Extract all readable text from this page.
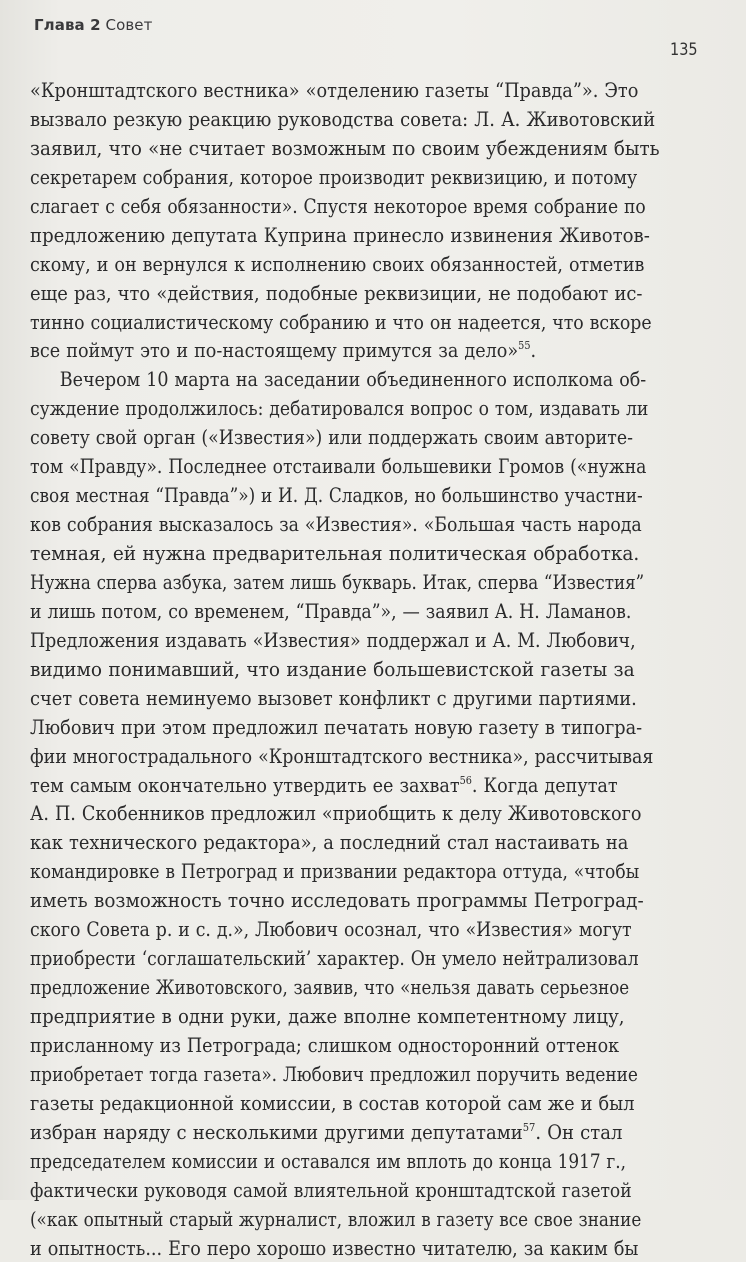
Глава 2 Совет
135
«Кронштадтского вестника» «отделению газеты “Правда”». Это
вызвало резкую реакцию руководства совета: Л. А. Животовский
заявил, что «не считает возможным по своим убеждениям быть
секретарем собрания, которое производит реквизицию, и потому
слагает с себя обязанности». Спустя некоторое время собрание по
предложению депутата Куприна принесло извинения Животов-
скому, и он вернулся к исполнению своих обязанностей, отметив
еще раз, что «действия, подобные реквизиции, не подобают ис-
тинно социалистическому собранию и что он надеется, что вскоре
все поймут это и по-настоящему примутся за дело»$^{55}$.
Вечером 10 марта на заседании объединенного исполкома об-
суждение продолжилось: дебатировался вопрос о том, издавать ли
совету свой орган («Известия») или поддержать своим авторите-
том «Правду». Последнее отстаивали большевики Громов («нужна
своя местная “Правда”») и И. Д. Сладков, но большинство участни-
ков собрания высказалось за «Известия». «Большая часть народа
темная, ей нужна предварительная политическая обработка.
Нужна сперва азбука, затем лишь букварь. Итак, сперва “Известия”
и лишь потом, со временем, “Правда”», — заявил А. Н. Ламанов.
Предложения издавать «Известия» поддержал и А. М. Любович,
видимо понимавший, что издание большевистской газеты за
счет совета неминуемо вызовет конфликт с другими партиями.
Любович при этом предложил печатать новую газету в типогра-
фии многострадального «Кронштадтского вестника», рассчитывая
тем самым окончательно утвердить ее захват$^{56}$. Когда депутат
А. П. Скобенников предложил «приобщить к делу Животовского
как технического редактора», а последний стал настаивать на
командировке в Петроград и призвании редактора оттуда, «чтобы
иметь возможность точно исследовать программы Петроград-
ского Совета р. и с. д.», Любович осознал, что «Известия» могут
приобрести ‘соглашательский’ характер. Он умело нейтрализовал
предложение Животовского, заявив, что «нельзя давать серьезное
предприятие в одни руки, даже вполне компетентному лицу,
присланному из Петрограда; слишком односторонний оттенок
приобретает тогда газета». Любович предложил поручить ведение
газеты редакционной комиссии, в состав которой сам же и был
избран наряду с несколькими другими депутатами$^{57}$. Он стал
председателем комиссии и оставался им вплоть до конца 1917 г.,
фактически руководя самой влиятельной кронштадтской газетой
(«как опытный старый журналист, вложил в газету все свое знание
и опытность... Его перо хорошо известно читателю, за каким бы
